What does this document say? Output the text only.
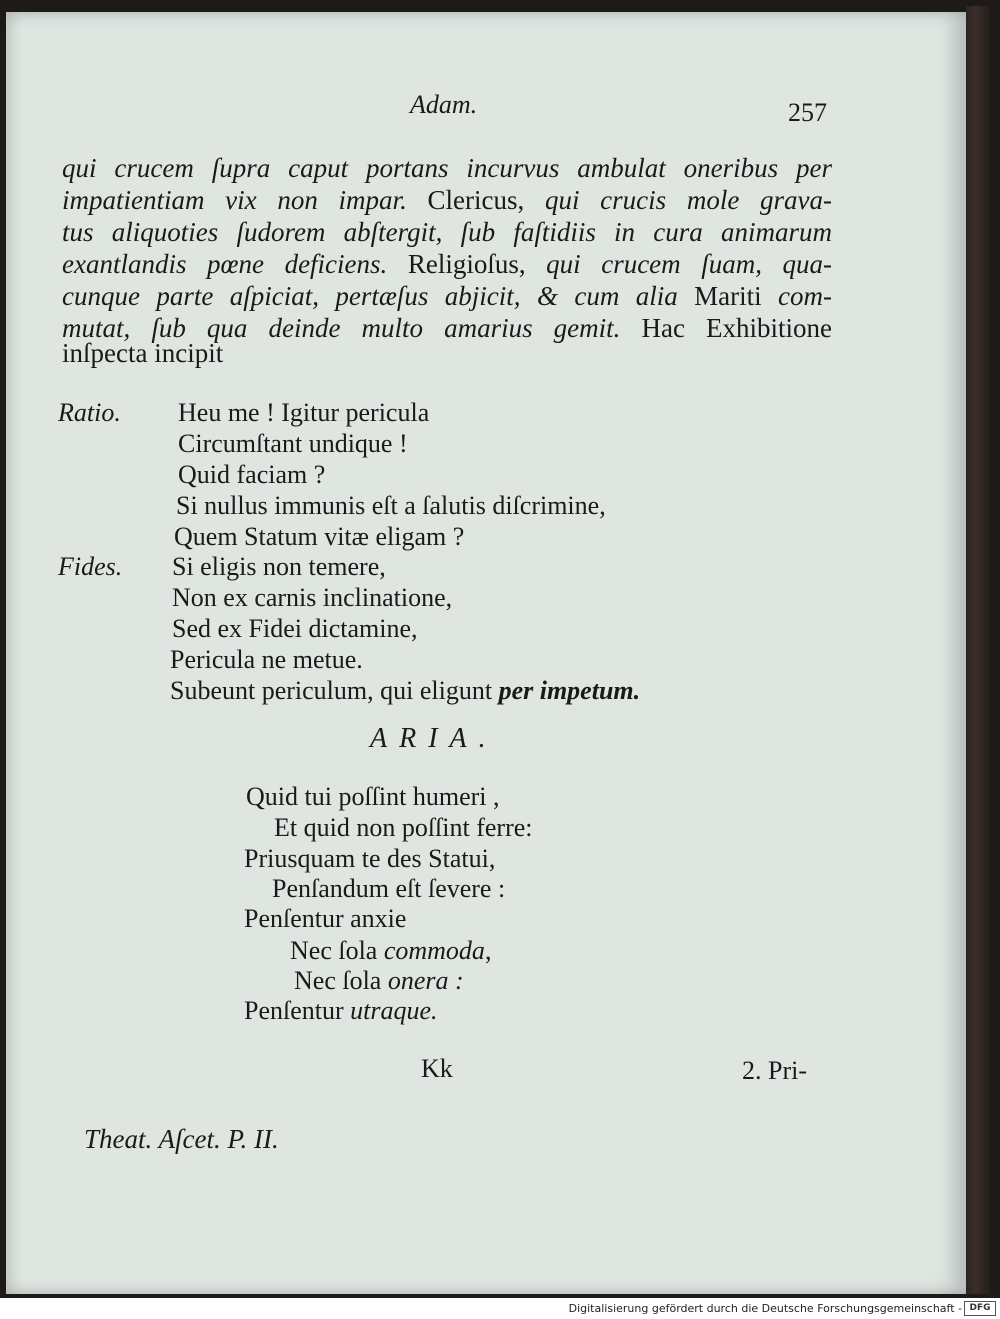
Adam.	257
qui crucem ſupra caput portans incurvus ambulat oneribus per
impatientiam vix non impar. Clericus, qui crucis mole grava-
tus aliquoties ſudorem abſtergit, ſub faſtidiis in cura animarum
exantlandis pœne deficiens. Religioſus, qui crucem ſuam, qua-
cunque parte aſpiciat, pertæſus abjicit, & cum alia Mariti com-
mutat, ſub qua deinde multo amarius gemit. Hac Exhibitione
inſpecta incipit
Ratio. Heu me ! Igitur pericula
Circumſtant undique !
Quid faciam ?
Si nullus immunis eſt a ſalutis diſcrimine,
Quem Statum vitæ eligam ?
Fides. Si eligis non temere,
Non ex carnis inclinatione,
Sed ex Fidei dictamine,
Pericula ne metue.
Subeunt periculum, qui eligunt per impetum.
ARIA.
Quid tui poſſint humeri ,
Et quid non poſſint ferre:
Priusquam te des Statui,
Penſandum eſt ſevere :
Penſentur anxie
Nec ſola commoda,
Nec ſola onera :
Penſentur utraque.
Kk	2. Pri-
Theat. Aſcet. P. II.
Digitalisierung gefördert durch die Deutsche Forschungsgemeinschaft - DFG
